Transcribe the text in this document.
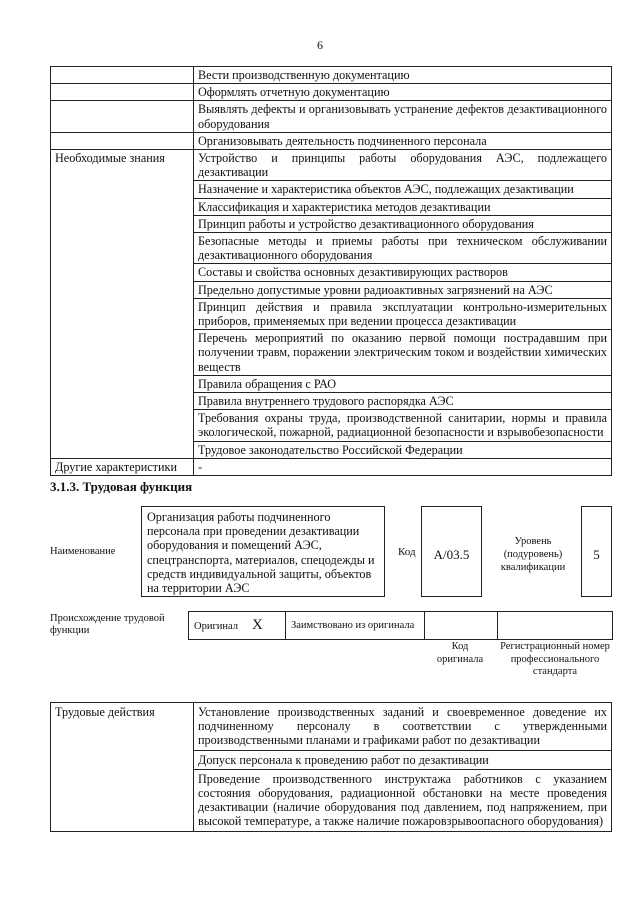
6
	Вести производственную документацию
	Оформлять отчетную документацию
	Выявлять дефекты и организовывать устранение дефектов дезактивационного оборудования
	Организовывать деятельность подчиненного персонала
Необходимые знания	Устройство и принципы работы оборудования АЭС, подлежащего дезактивации
	Назначение и характеристика объектов АЭС, подлежащих дезактивации
	Классификация и характеристика методов дезактивации
	Принцип работы и устройство дезактивационного оборудования
	Безопасные методы и приемы работы при техническом обслуживании дезактивационного оборудования
	Составы и свойства основных дезактивирующих растворов
	Предельно допустимые уровни радиоактивных загрязнений на АЭС
	Принцип действия и правила эксплуатации контрольно-измерительных приборов, применяемых при ведении процесса дезактивации
	Перечень мероприятий по оказанию первой помощи пострадавшим при получении травм, поражении электрическим током и воздействии химических веществ
	Правила обращения с РАО
	Правила внутреннего трудового распорядка АЭС
	Требования охраны труда, производственной санитарии, нормы и правила экологической, пожарной, радиационной безопасности и взрывобезопасности
	Трудовое законодательство Российской Федерации
Другие характеристики	-
3.1.3. Трудовая функция
Наименование
Организация работы подчиненного персонала при проведении дезактивации оборудования и помещений АЭС, спецтранспорта, материалов, спецодежды и средств индивидуальной защиты, объектов на территории АЭС
Код	A/03.5
Уровень (подуровень) квалификации
5
Происхождение трудовой функции	Оригинал X	Заимствовано из оригинала		
Код оригинала
Регистрационный номер профессионального стандарта
Трудовые действия	Установление производственных заданий и своевременное доведение их подчиненному персоналу в соответствии с утвержденными производственными планами и графиками работ по дезактивации
Допуск персонала к проведению работ по дезактивации
Проведение производственного инструктажа работников с указанием состояния оборудования, радиационной обстановки на месте проведения дезактивации (наличие оборудования под давлением, под напряжением, при высокой температуре, а также наличие пожаровзрывоопасного оборудования)
